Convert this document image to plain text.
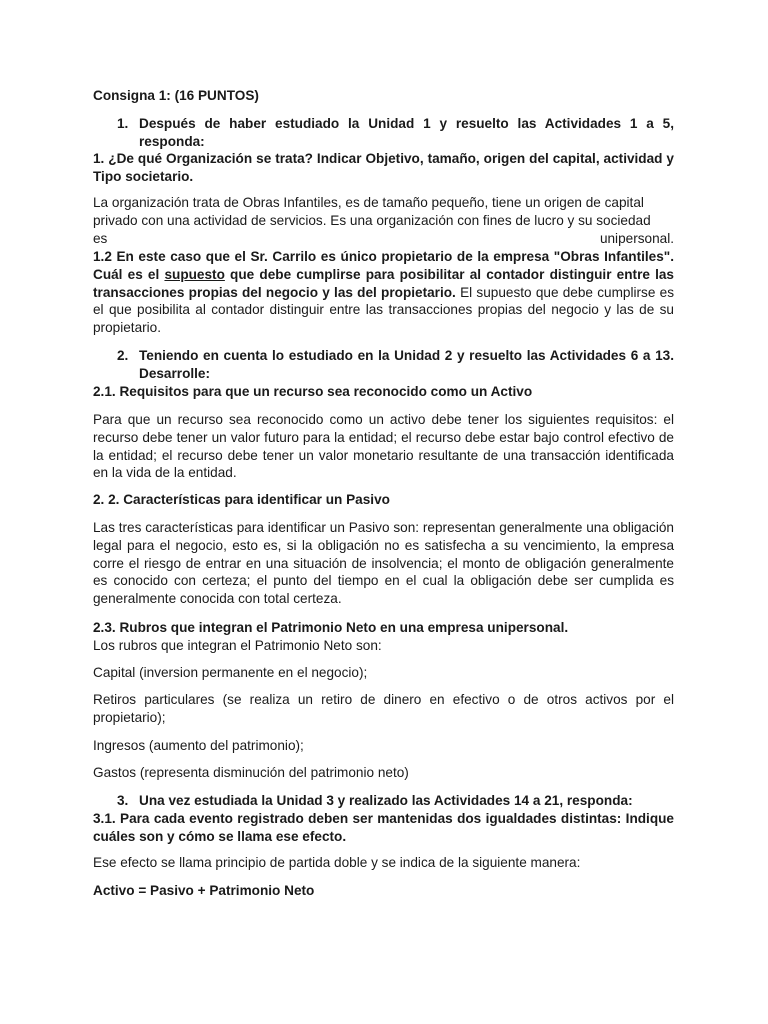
Consigna 1: (16 PUNTOS)

1. Después de haber estudiado la Unidad 1 y resuelto las Actividades 1 a 5, responda:

1. ¿De qué Organización se trata? Indicar Objetivo, tamaño, origen del capital, actividad y Tipo societario.

La organización trata de Obras Infantiles, es de tamaño pequeño, tiene un origen de capital
privado con una actividad de servicios. Es una organización con fines de lucro y su sociedad
es	unipersonal.

1.2 En este caso que el Sr. Carrilo es único propietario de la empresa "Obras Infantiles". Cuál es el supuesto que debe cumplirse para posibilitar al contador distinguir entre las transacciones propias del negocio y las del propietario. El supuesto que debe cumplirse es el que posibilita al contador distinguir entre las transacciones propias del negocio y las de su propietario.

2. Teniendo en cuenta lo estudiado en la Unidad 2 y resuelto las Actividades 6 a 13. Desarrolle:

2.1. Requisitos para que un recurso sea reconocido como un Activo

Para que un recurso sea reconocido como un activo debe tener los siguientes requisitos: el recurso debe tener un valor futuro para la entidad; el recurso debe estar bajo control efectivo de la entidad; el recurso debe tener un valor monetario resultante de una transacción identificada en la vida de la entidad.

2. 2. Características para identificar un Pasivo

Las tres características para identificar un Pasivo son: representan generalmente una obligación legal para el negocio, esto es, si la obligación no es satisfecha a su vencimiento, la empresa corre el riesgo de entrar en una situación de insolvencia; el monto de obligación generalmente es conocido con certeza; el punto del tiempo en el cual la obligación debe ser cumplida es generalmente conocida con total certeza.

2.3. Rubros que integran el Patrimonio Neto en una empresa unipersonal.
Los rubros que integran el Patrimonio Neto son:

Capital (inversion permanente en el negocio);

Retiros particulares (se realiza un retiro de dinero en efectivo o de otros activos por el propietario);

Ingresos (aumento del patrimonio);

Gastos (representa disminución del patrimonio neto)

3. Una vez estudiada la Unidad 3 y realizado las Actividades 14 a 21, responda:

3.1. Para cada evento registrado deben ser mantenidas dos igualdades distintas: Indique cuáles son y cómo se llama ese efecto.

Ese efecto se llama principio de partida doble y se indica de la siguiente manera:

Activo = Pasivo + Patrimonio Neto
